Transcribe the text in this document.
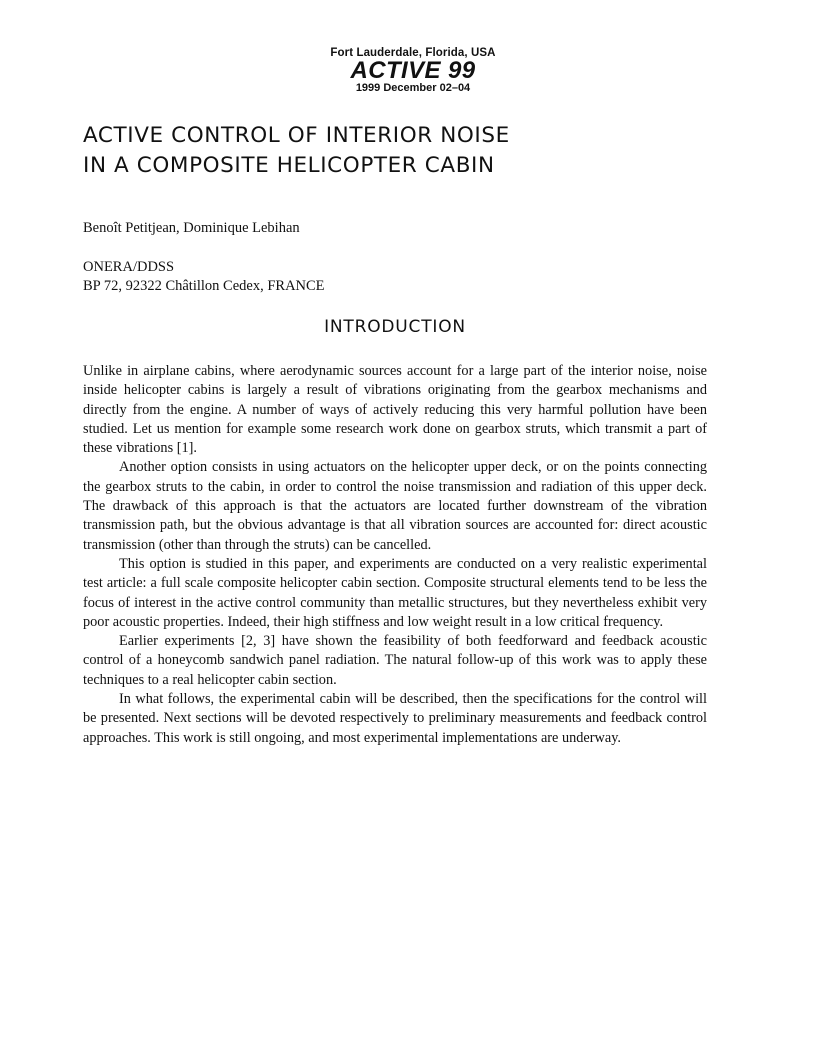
Fort Lauderdale, Florida, USA
ACTIVE 99
1999 December 02–04
ACTIVE CONTROL OF INTERIOR NOISE
IN A COMPOSITE HELICOPTER CABIN
Benoît Petitjean, Dominique Lebihan
ONERA/DDSS
BP 72, 92322 Châtillon Cedex, FRANCE
INTRODUCTION

Unlike in airplane cabins, where aerodynamic sources account for a large part of the interior noise, noise inside helicopter cabins is largely a result of vibrations originating from the gearbox mechanisms and directly from the engine. A number of ways of actively reducing this very harmful pollution have been studied. Let us mention for example some research work done on gearbox struts, which transmit a part of these vibrations [1].

Another option consists in using actuators on the helicopter upper deck, or on the points connecting the gearbox struts to the cabin, in order to control the noise transmission and radiation of this upper deck. The drawback of this approach is that the actuators are located further downstream of the vibration transmission path, but the obvious advantage is that all vibration sources are accounted for: direct acoustic transmission (other than through the struts) can be cancelled.

This option is studied in this paper, and experiments are conducted on a very realistic experimental test article: a full scale composite helicopter cabin section. Composite structural elements tend to be less the focus of interest in the active control community than metallic structures, but they nevertheless exhibit very poor acoustic properties. Indeed, their high stiffness and low weight result in a low critical frequency.

Earlier experiments [2, 3] have shown the feasibility of both feedforward and feedback acoustic control of a honeycomb sandwich panel radiation. The natural follow-up of this work was to apply these techniques to a real helicopter cabin section.

In what follows, the experimental cabin will be described, then the specifications for the control will be presented. Next sections will be devoted respectively to preliminary measurements and feedback control approaches. This work is still ongoing, and most experimental implementations are underway.
